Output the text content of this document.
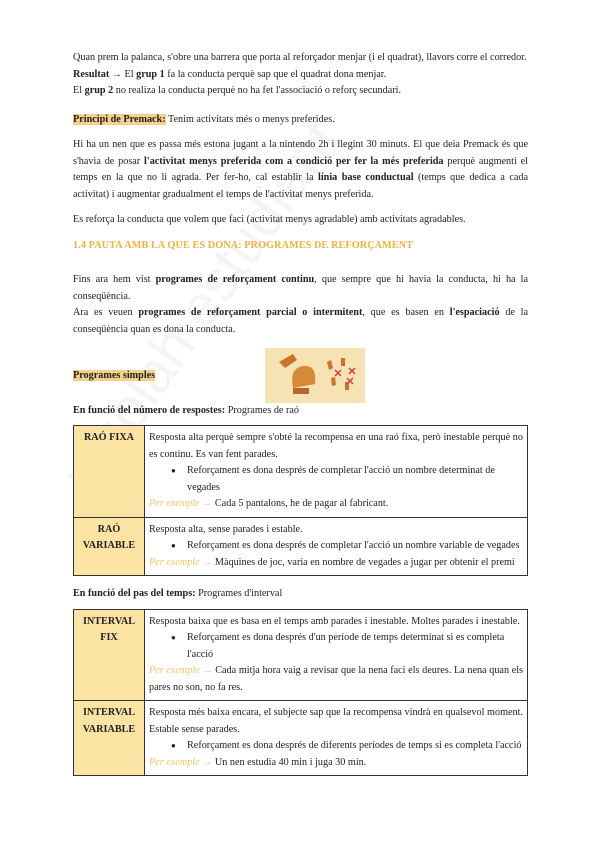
Quan prem la palanca, s'obre una barrera que porta al reforçador menjar (i el quadrat), llavors corre el corredor.

Resultat → El grup 1 fa la conducta perquè sap que el quadrat dona menjar.

El grup 2 no realiza la conducta perquè no ha fet l'associació o reforç secundari.

Principi de Premack: Tenim activitats més o menys preferides.

Hi ha un nen que es passa més estona jugant a la nintendo 2h i llegint 30 minuts. El que deia Premack és que s'havia de posar l'activitat menys preferida com a condició per fer la més preferida perquè augmenti el temps en la que no li agrada. Per fer-ho, cal establir la línia base conductual (temps que dedica a cada activitat) i augmentar gradualment el temps de l'activitat menys preferida.

Es reforça la conducta que volem que faci (activitat menys agradable) amb activitats agradables.

1.4 PAUTA AMB LA QUE ES DONA: PROGRAMES DE REFORÇAMENT

Fins ara hem vist programes de reforçament continu, que sempre que hi havia la conducta, hi ha la conseqüència.

Ara es veuen programes de reforçament parcial o intermitent, que es basen en l'espaciació de la conseqüència quan es dona la conducta.

Programes simples

En funció del número de respostes: Programes de raó

RAÓ FIXA	Resposta alta perquè sempre s'obté la recompensa en una raó fixa, però inestable perquè no es continu. Es van fent parades.

● Reforçament es dona després de completar l'acció un nombre determinat de vegades

Per exemple → Cada 5 pantalons, he de pagar al fabricant.

RAÓ VARIABLE	Resposta alta, sense parades i estable.

● Reforçament es dona després de completar l'acció un nombre variable de vegades

Per exemple → Màquines de joc, varia en nombre de vegades a jugar per obtenir el premi

En funció del pas del temps: Programes d'interval

INTERVAL FIX	Resposta baixa que es basa en el temps amb parades i inestable. Moltes parades i inestable.

● Reforçament es dona després d'un període de temps determinat si es completa l'acció

Per exemple → Cada mitja hora vaig a revisar que la nena faci els deures. La nena quan els pares no son, no fa res.

INTERVAL VARIABLE	Resposta més baixa encara, el subjecte sap que la recompensa vindrà en qualsevol moment. Estable sense parades.

● Reforçament es dona després de diferents períodes de temps si es completa l'acció

Per exemple → Un nen estudia 40 min i juga 30 min.
